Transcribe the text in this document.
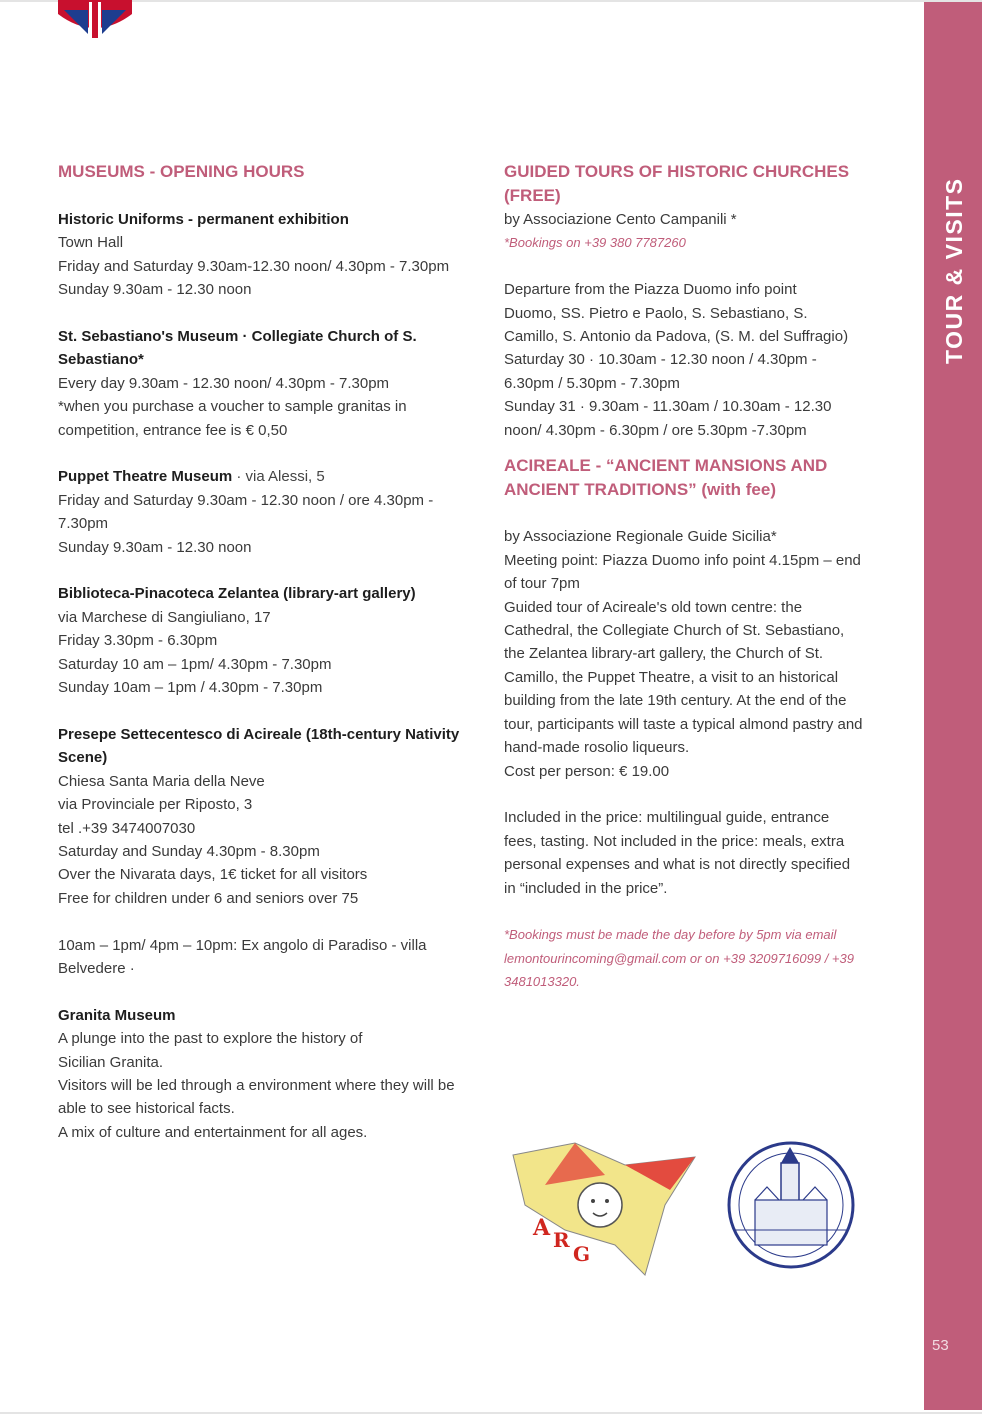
TOUR & VISITS
53
MUSEUMS - OPENING HOURS
Historic Uniforms - permanent exhibition
Town Hall
Friday and Saturday 9.30am-12.30 noon/ 4.30pm - 7.30pm
Sunday 9.30am - 12.30 noon
St. Sebastiano's Museum · Collegiate Church of S. Sebastiano*
Every day 9.30am - 12.30 noon/ 4.30pm - 7.30pm
*when you purchase a voucher to sample granitas in competition, entrance fee is € 0,50
Puppet Theatre Museum · via Alessi, 5
Friday and Saturday 9.30am - 12.30 noon / ore 4.30pm - 7.30pm
Sunday 9.30am - 12.30 noon
Biblioteca-Pinacoteca Zelantea (library-art gallery)
via Marchese di Sangiuliano, 17
Friday 3.30pm - 6.30pm
Saturday 10 am – 1pm/ 4.30pm - 7.30pm
Sunday 10am – 1pm / 4.30pm - 7.30pm
Presepe Settecentesco di Acireale (18th-century Nativity Scene)
Chiesa Santa Maria della Neve
via Provinciale per Riposto, 3
tel .+39 3474007030
Saturday and Sunday 4.30pm - 8.30pm
Over the Nivarata days, 1€ ticket for all visitors
Free for children under 6 and seniors over 75
10am – 1pm/ 4pm – 10pm: Ex angolo di Paradiso - villa Belvedere ·
Granita Museum
A plunge into the past to explore the history of
Sicilian Granita.
Visitors will be led through a environment where they will be able to see historical facts.
A mix of culture and entertainment for all ages.
GUIDED TOURS OF HISTORIC CHURCHES (FREE)
by Associazione Cento Campanili *
*Bookings on +39 380 7787260
Departure from the Piazza Duomo info point
Duomo, SS. Pietro e Paolo, S. Sebastiano, S. Camillo, S. Antonio da Padova, (S. M. del Suffragio)
Saturday 30 · 10.30am - 12.30 noon / 4.30pm - 6.30pm / 5.30pm - 7.30pm
Sunday 31 · 9.30am - 11.30am / 10.30am - 12.30 noon/ 4.30pm - 6.30pm / ore 5.30pm -7.30pm
ACIREALE - “ANCIENT MANSIONS AND ANCIENT TRADITIONS” (with fee)
by Associazione Regionale Guide Sicilia*
Meeting point: Piazza Duomo info point 4.15pm – end of tour 7pm
Guided tour of Acireale's old town centre: the Cathedral, the Collegiate Church of St. Sebastiano, the Zelantea library-art gallery, the Church of St. Camillo, the Puppet Theatre, a visit to an historical building from the late 19th century. At the end of the tour, participants will taste a typical almond pastry and hand-made rosolio liqueurs.
Cost per person: € 19.00
Included in the price: multilingual guide, entrance fees, tasting. Not included in the price: meals, extra personal expenses and what is not directly specified in “included in the price”.
*Bookings must be made the day before by 5pm via email lemontourincoming@gmail.com or on +39 3209716099 / +39 3481013320.
A R
G
